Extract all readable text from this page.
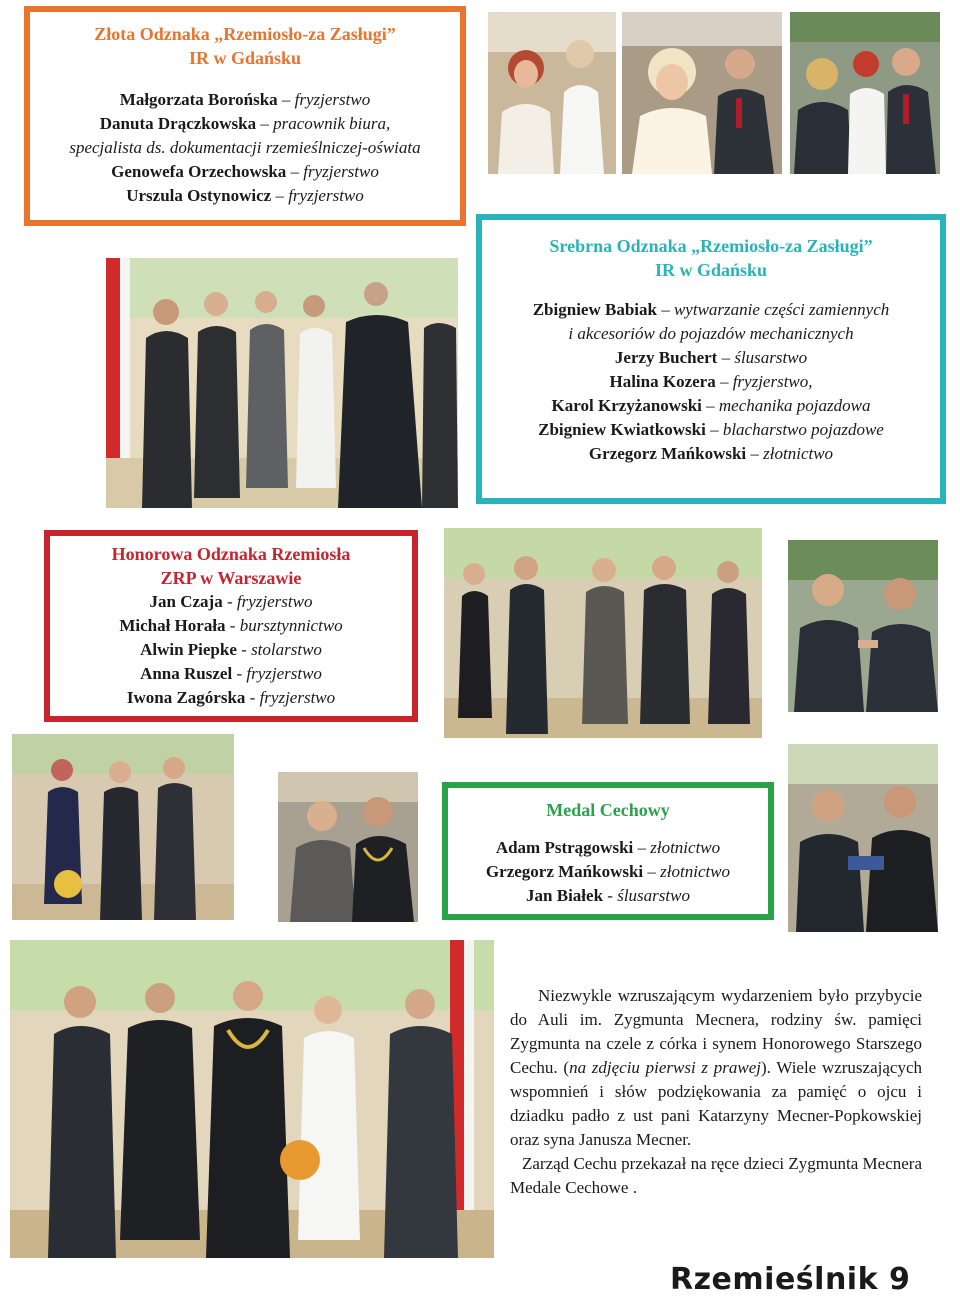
Złota Odznaka „Rzemiosło-za Zasługi”
IR w Gdańsku
Małgorzata Borońska – fryzjerstwo
Danuta Drączkowska – pracownik biura,
specjalista ds. dokumentacji rzemieślniczej-oświata
Genowefa Orzechowska – fryzjerstwo
Urszula Ostynowicz – fryzjerstwo
Srebrna Odznaka „Rzemiosło-za Zasługi”
IR w Gdańsku
Zbigniew Babiak – wytwarzanie części zamiennych
i akcesoriów do pojazdów mechanicznych
Jerzy Buchert – ślusarstwo
Halina Kozera – fryzjerstwo,
Karol Krzyżanowski – mechanika pojazdowa
Zbigniew Kwiatkowski – blacharstwo pojazdowe
Grzegorz Mańkowski – złotnictwo
Honorowa Odznaka Rzemiosła
ZRP w Warszawie
Jan Czaja - fryzjerstwo
Michał Horała - bursztynnictwo
Alwin Piepke - stolarstwo
Anna Ruszel - fryzjerstwo
Iwona Zagórska - fryzjerstwo
Medal Cechowy
Adam Pstrągowski – złotnictwo
Grzegorz Mańkowski – złotnictwo
Jan Białek - ślusarstwo

Niezwykle wzruszającym wydarzeniem było przybycie do Auli im. Zygmunta Mecnera, rodziny św. pamięci Zygmunta na czele z córka i synem Honorowego Starszego Cechu. (na zdjęciu pierwsi z prawej). Wiele wzruszających wspomnień i słów podziękowania za pamięć o ojcu i dziadku padło z ust pani Katarzyny Mecner-Popkowskiej oraz syna Janusza Mecner.

Zarząd Cechu przekazał na ręce dzieci Zygmunta Mecnera Medale Cechowe .

Rzemieślnik 9
